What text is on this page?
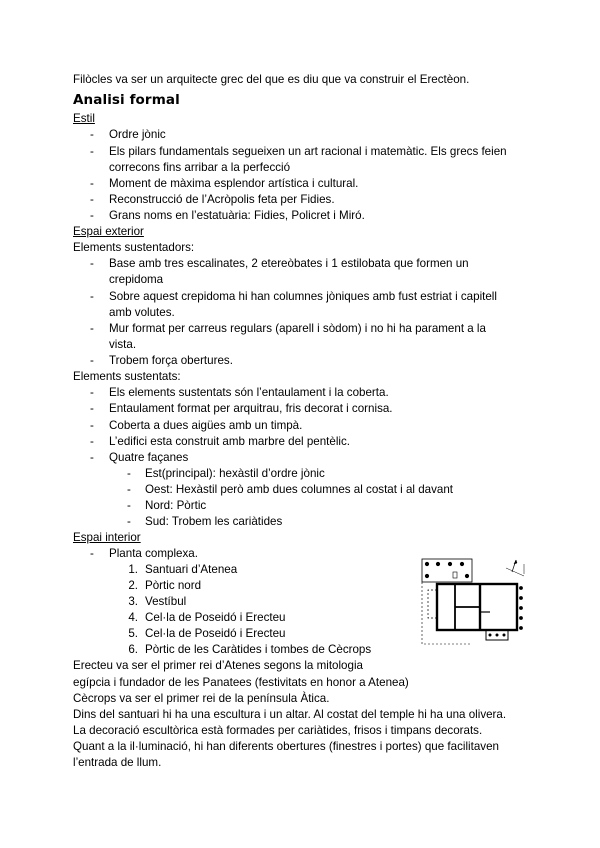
Filòcles va ser un arquitecte grec del que es diu que va construir el Erectèon.
Analisi formal
Estil
- Ordre jònic
- Els pilars fundamentals segueixen un art racional i matemàtic. Els grecs feien
correcons fins arribar a la perfecció
- Moment de màxima esplendor artística i cultural.
- Reconstrucció de l’Acròpolis feta per Fidies.
- Grans noms en l’estatuària: Fidies, Policret i Miró.
Espai exterior
Elements sustentadors:
- Base amb tres escalinates, 2 etereòbates i 1 estilobata que formen un
crepidoma
- Sobre aquest crepidoma hi han columnes jòniques amb fust estriat i capitell
amb volutes.
- Mur format per carreus regulars (aparell i sòdom) i no hi ha parament a la
vista.
- Trobem força obertures.
Elements sustentats:
- Els elements sustentats són l’entaulament i la coberta.
- Entaulament format per arquitrau, fris decorat i cornisa.
- Coberta a dues aigües amb un timpà.
- L’edifici esta construit amb marbre del pentèlic.
- Quatre façanes
- Est(principal): hexàstil d’ordre jònic
- Oest: Hexàstil però amb dues columnes al costat i al davant
- Nord: Pòrtic
- Sud: Trobem les cariàtides
Espai interior
- Planta complexa.
1. Santuari d’Atenea
2. Pòrtic nord
3. Vestíbul
4. Cel·la de Poseidó i Erecteu
5. Cel·la de Poseidó i Erecteu
6. Pòrtic de les Caràtides i tombes de Cècrops
Erecteu va ser el primer rei d’Atenes segons la mitologia
egípcia i fundador de les Panatees (festivitats en honor a Atenea)
Cècrops va ser el primer rei de la península Àtica.
Dins del santuari hi ha una escultura i un altar. Al costat del temple hi ha una olivera.
La decoració escultòrica està formades per cariàtides, frisos i timpans decorats.
Quant a la il·luminació, hi han diferents obertures (finestres i portes) que facilitaven
l’entrada de llum.
